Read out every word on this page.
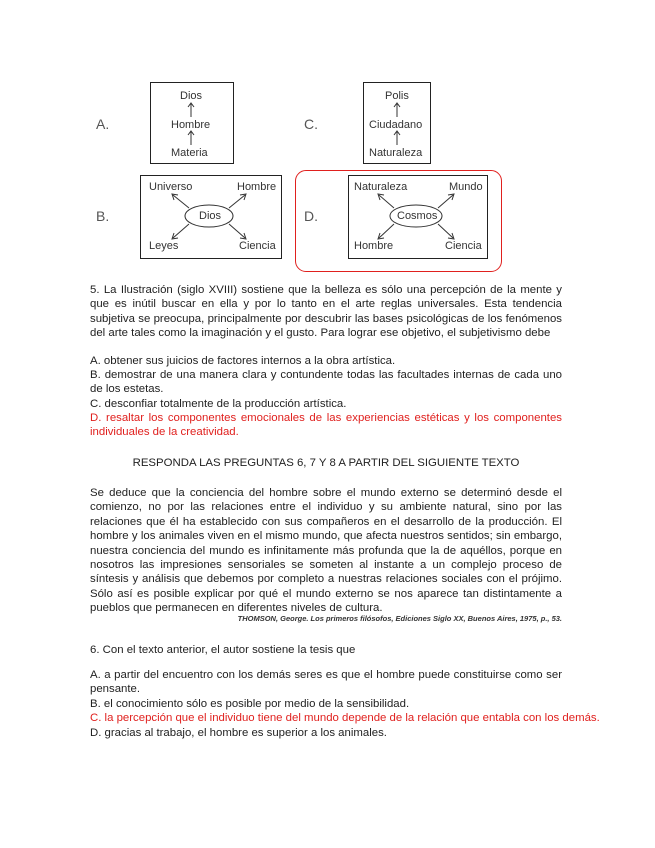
A.
Dios
Hombre
Materia
C.
Polis
Ciudadano
Naturaleza
B.
Universo	Hombre
Dios
Leyes	Ciencia
D.
Naturaleza	Mundo
Cosmos
Hombre	Ciencia
5. La Ilustración (siglo XVIII) sostiene que la belleza es sólo una percepción de la mente y que es inútil buscar en ella y por lo tanto en el arte reglas universales. Esta tendencia subjetiva se preocupa, principalmente por descubrir las bases psicológicas de los fenómenos del arte tales como la imaginación y el gusto. Para lograr ese objetivo, el subjetivismo debe
A. obtener sus juicios de factores internos a la obra artística.
B. demostrar de una manera clara y contundente todas las facultades internas de cada uno de los estetas.
C. desconfiar totalmente de la producción artística.
D. resaltar los componentes emocionales de las experiencias estéticas y los componentes individuales de la creatividad.
RESPONDA LAS PREGUNTAS 6, 7 Y 8 A PARTIR DEL SIGUIENTE TEXTO
Se deduce que la conciencia del hombre sobre el mundo externo se determinó desde el comienzo, no por las relaciones entre el individuo y su ambiente natural, sino por las relaciones que él ha establecido con sus compañeros en el desarrollo de la producción. El hombre y los animales viven en el mismo mundo, que afecta nuestros sentidos; sin embargo, nuestra conciencia del mundo es infinitamente más profunda que la de aquéllos, porque en nosotros las impresiones sensoriales se someten al instante a un complejo proceso de síntesis y análisis que debemos por completo a nuestras relaciones sociales con el prójimo. Sólo así es posible explicar por qué el mundo externo se nos aparece tan distintamente a pueblos que permanecen en diferentes niveles de cultura.
THOMSON, George. Los primeros filósofos, Ediciones Siglo XX, Buenos Aires, 1975, p., 53.
6. Con el texto anterior, el autor sostiene la tesis que
A. a partir del encuentro con los demás seres es que el hombre puede constituirse como ser pensante.
B. el conocimiento sólo es posible por medio de la sensibilidad.
C. la percepción que el individuo tiene del mundo depende de la relación que entabla con los demás.
D. gracias al trabajo, el hombre es superior a los animales.
